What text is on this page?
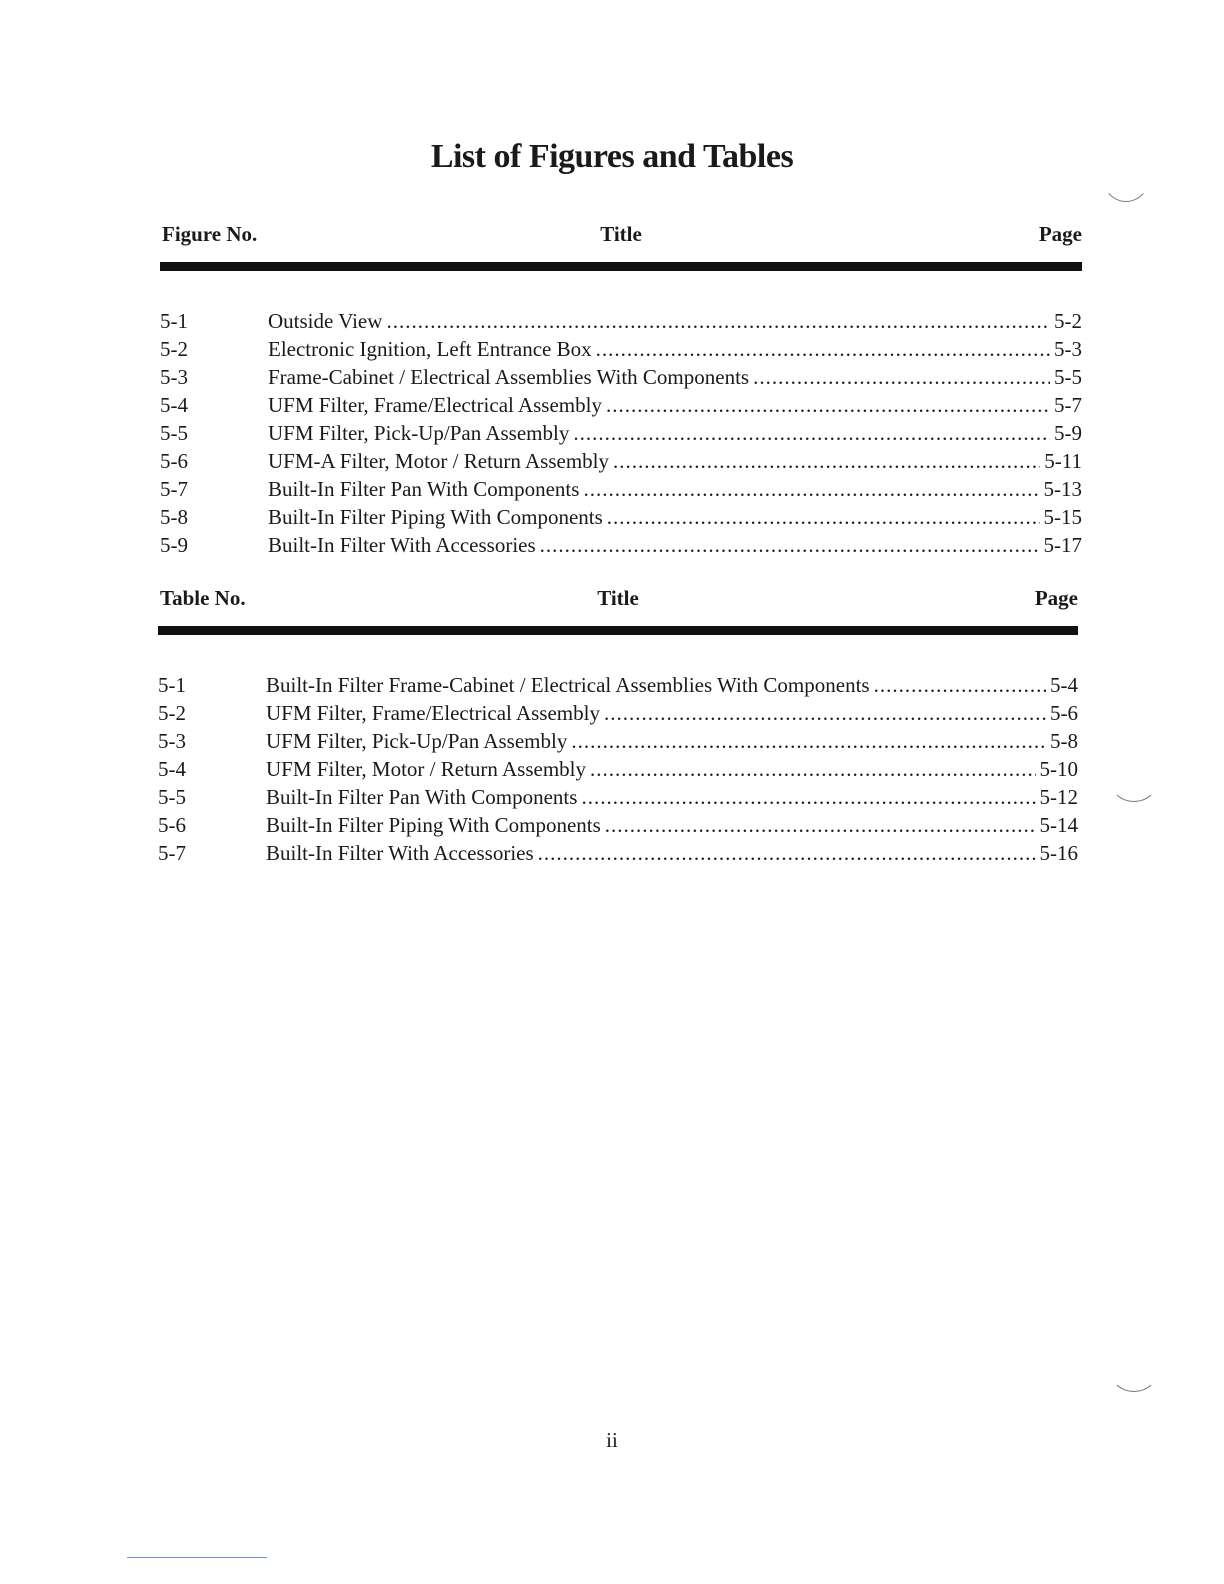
List of Figures and Tables
Figure No.	Title	Page
5-1	Outside View .....	5-2
5-2	Electronic Ignition, Left Entrance Box .....	5-3
5-3	Frame-Cabinet / Electrical Assemblies With Components .....	5-5
5-4	UFM Filter, Frame/Electrical Assembly .....	5-7
5-5	UFM Filter, Pick-Up/Pan Assembly .....	5-9
5-6	UFM-A Filter, Motor / Return Assembly .....	5-11
5-7	Built-In Filter Pan With Components .....	5-13
5-8	Built-In Filter Piping With Components .....	5-15
5-9	Built-In Filter With Accessories .....	5-17
Table No.	Title	Page
5-1	Built-In Filter Frame-Cabinet / Electrical Assemblies With Components .....	5-4
5-2	UFM Filter, Frame/Electrical Assembly .....	5-6
5-3	UFM Filter, Pick-Up/Pan Assembly .....	5-8
5-4	UFM Filter, Motor / Return Assembly .....	5-10
5-5	Built-In Filter Pan With Components .....	5-12
5-6	Built-In Filter Piping With Components .....	5-14
5-7	Built-In Filter With Accessories .....	5-16
ii
